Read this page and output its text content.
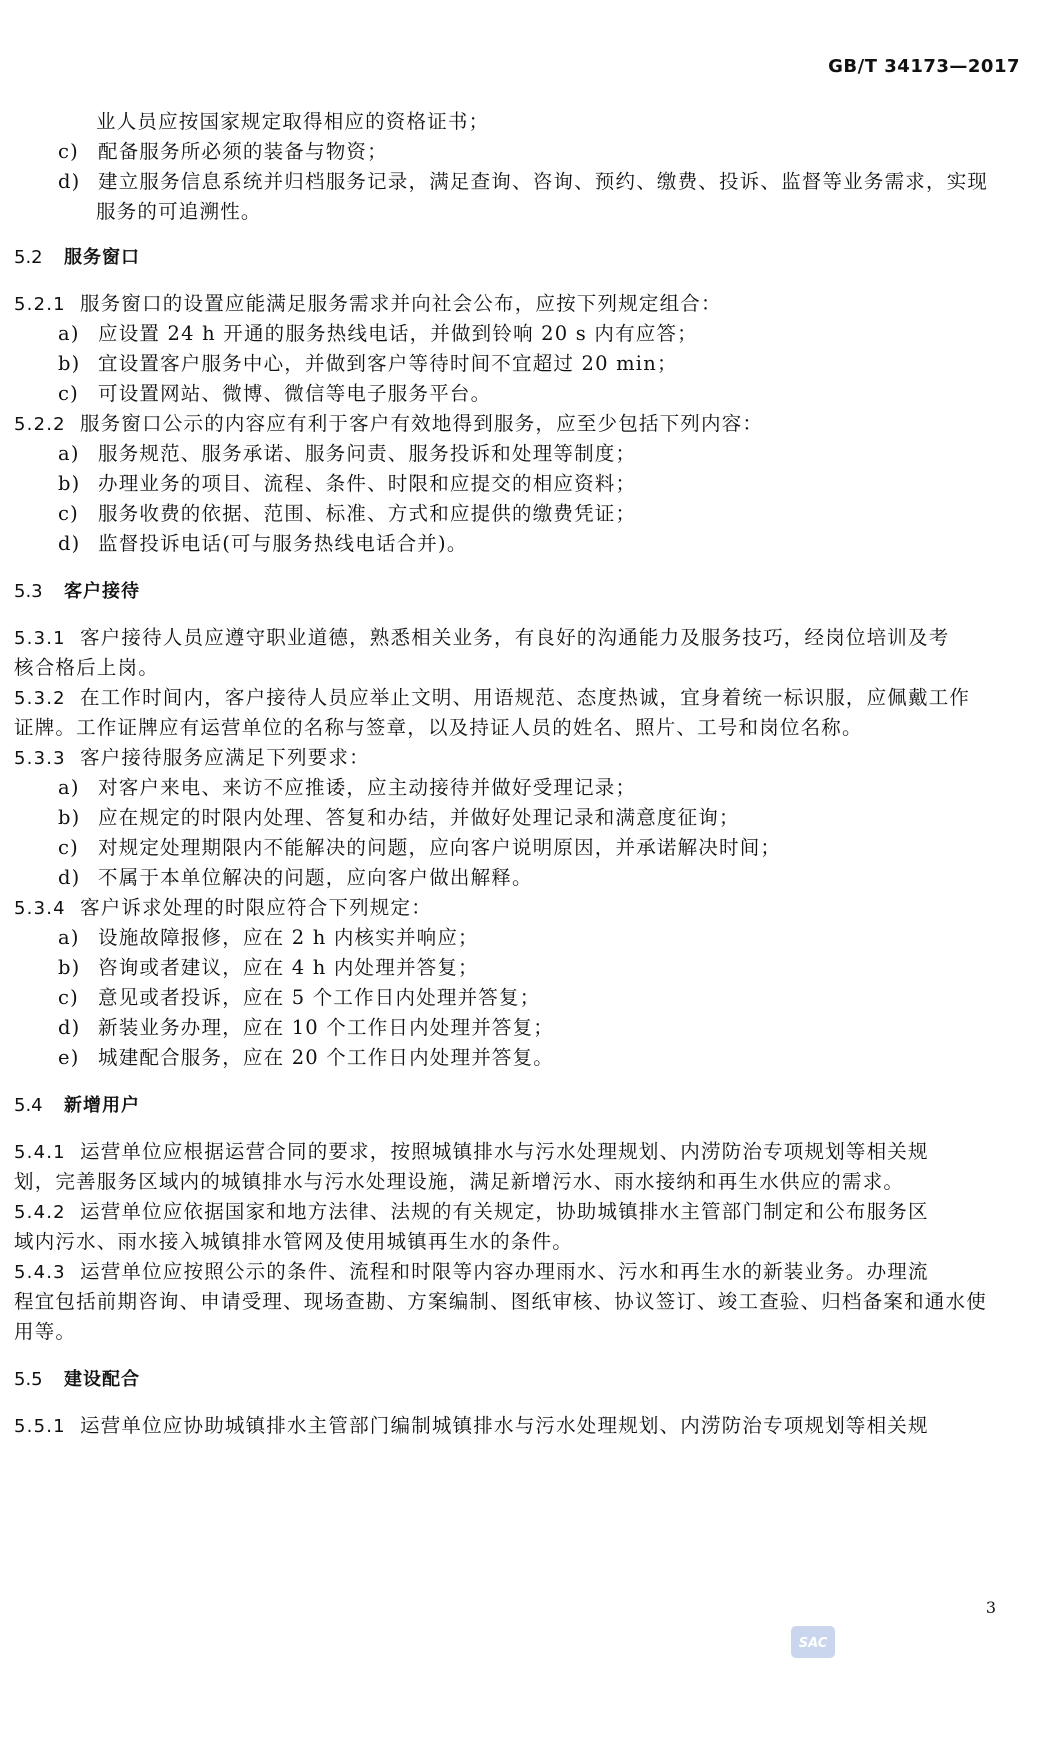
GB/T 34173—2017
业人员应按国家规定取得相应的资格证书；
c) 配备服务所必须的装备与物资；
d) 建立服务信息系统并归档服务记录，满足查询、咨询、预约、缴费、投诉、监督等业务需求，实现
服务的可追溯性。
5.2 服务窗口
5.2.1 服务窗口的设置应能满足服务需求并向社会公布，应按下列规定组合：
a) 应设置 24 h 开通的服务热线电话，并做到铃响 20 s 内有应答；
b) 宜设置客户服务中心，并做到客户等待时间不宜超过 20 min；
c) 可设置网站、微博、微信等电子服务平台。
5.2.2 服务窗口公示的内容应有利于客户有效地得到服务，应至少包括下列内容：
a) 服务规范、服务承诺、服务问责、服务投诉和处理等制度；
b) 办理业务的项目、流程、条件、时限和应提交的相应资料；
c) 服务收费的依据、范围、标准、方式和应提供的缴费凭证；
d) 监督投诉电话(可与服务热线电话合并)。
5.3 客户接待
5.3.1 客户接待人员应遵守职业道德，熟悉相关业务，有良好的沟通能力及服务技巧，经岗位培训及考
核合格后上岗。
5.3.2 在工作时间内，客户接待人员应举止文明、用语规范、态度热诚，宜身着统一标识服，应佩戴工作
证牌。工作证牌应有运营单位的名称与签章，以及持证人员的姓名、照片、工号和岗位名称。
5.3.3 客户接待服务应满足下列要求：
a) 对客户来电、来访不应推诿，应主动接待并做好受理记录；
b) 应在规定的时限内处理、答复和办结，并做好处理记录和满意度征询；
c) 对规定处理期限内不能解决的问题，应向客户说明原因，并承诺解决时间；
d) 不属于本单位解决的问题，应向客户做出解释。
5.3.4 客户诉求处理的时限应符合下列规定：
a) 设施故障报修，应在 2 h 内核实并响应；
b) 咨询或者建议，应在 4 h 内处理并答复；
c) 意见或者投诉，应在 5 个工作日内处理并答复；
d) 新装业务办理，应在 10 个工作日内处理并答复；
e) 城建配合服务，应在 20 个工作日内处理并答复。
5.4 新增用户
5.4.1 运营单位应根据运营合同的要求，按照城镇排水与污水处理规划、内涝防治专项规划等相关规
划，完善服务区域内的城镇排水与污水处理设施，满足新增污水、雨水接纳和再生水供应的需求。
5.4.2 运营单位应依据国家和地方法律、法规的有关规定，协助城镇排水主管部门制定和公布服务区
域内污水、雨水接入城镇排水管网及使用城镇再生水的条件。
5.4.3 运营单位应按照公示的条件、流程和时限等内容办理雨水、污水和再生水的新装业务。办理流
程宜包括前期咨询、申请受理、现场查勘、方案编制、图纸审核、协议签订、竣工查验、归档备案和通水使
用等。
5.5 建设配合
5.5.1 运营单位应协助城镇排水主管部门编制城镇排水与污水处理规划、内涝防治专项规划等相关规
3
SAC
